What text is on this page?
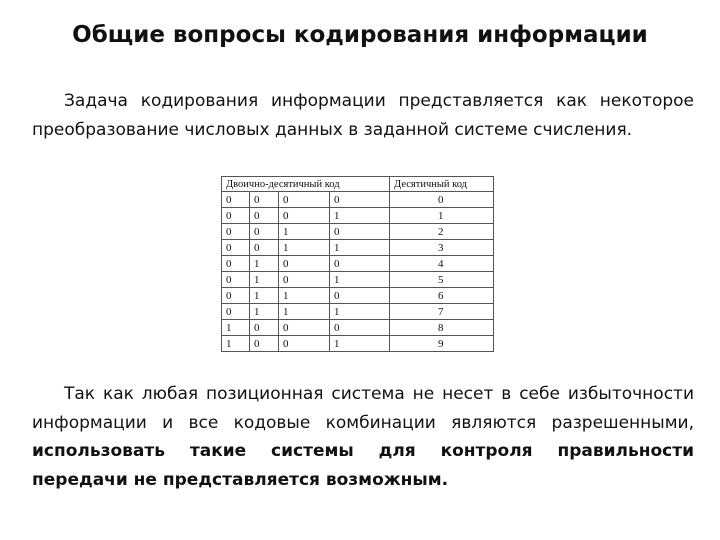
Общие вопросы кодирования информации

Задача кодирования информации представляется как некоторое преобразование числовых данных в заданной системе счисления.

Двоично-десятичный код				Десятичный код
0	0	0	0	0
0	0	0	1	1
0	0	1	0	2
0	0	1	1	3
0	1	0	0	4
0	1	0	1	5
0	1	1	0	6
0	1	1	1	7
1	0	0	0	8
1	0	0	1	9

Так как любая позиционная система не несет в себе избыточности информации и все кодовые комбинации являются разрешенными, использовать такие системы для контроля правильности передачи не представляется возможным.
